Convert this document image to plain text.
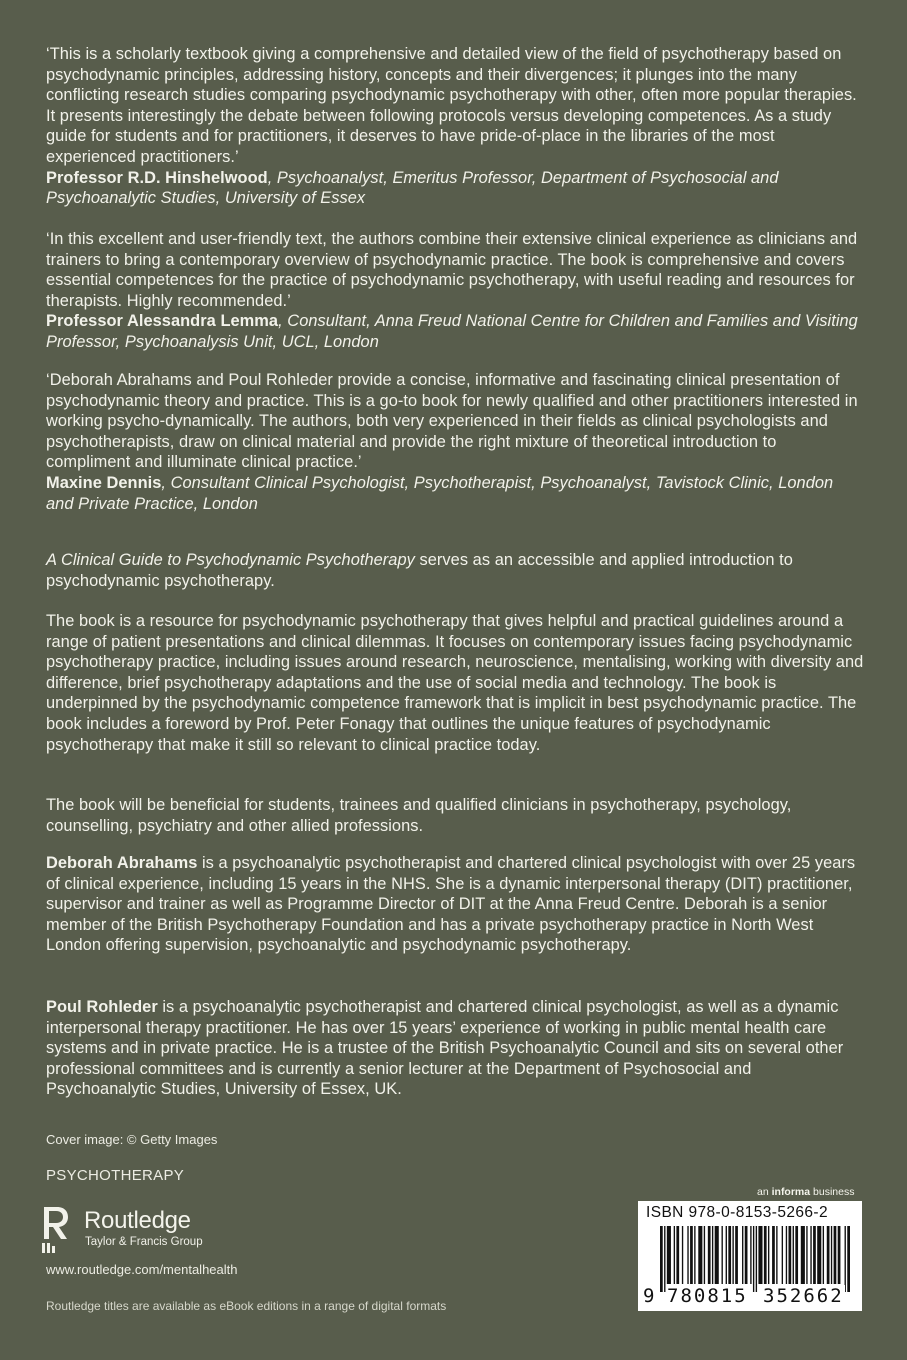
‘This is a scholarly textbook giving a comprehensive and detailed view of the field of psychotherapy based on psychodynamic principles, addressing history, concepts and their divergences; it plunges into the many conflicting research studies comparing psychodynamic psychotherapy with other, often more popular therapies. It presents interestingly the debate between following protocols versus developing competences. As a study guide for students and for practitioners, it deserves to have pride-of-place in the libraries of the most experienced practitioners.’

Professor R.D. Hinshelwood, Psychoanalyst, Emeritus Professor, Department of Psychosocial and Psychoanalytic Studies, University of Essex

‘In this excellent and user-friendly text, the authors combine their extensive clinical experience as clinicians and trainers to bring a contemporary overview of psychodynamic practice. The book is comprehensive and covers essential competences for the practice of psychodynamic psychotherapy, with useful reading and resources for therapists. Highly recommended.’

Professor Alessandra Lemma, Consultant, Anna Freud National Centre for Children and Families and Visiting Professor, Psychoanalysis Unit, UCL, London

‘Deborah Abrahams and Poul Rohleder provide a concise, informative and fascinating clinical presentation of psychodynamic theory and practice. This is a go-to book for newly qualified and other practitioners interested in working psycho-dynamically. The authors, both very experienced in their fields as clinical psychologists and psychotherapists, draw on clinical material and provide the right mixture of theoretical introduction to compliment and illuminate clinical practice.’

Maxine Dennis, Consultant Clinical Psychologist, Psychotherapist, Psychoanalyst, Tavistock Clinic, London and Private Practice, London

A Clinical Guide to Psychodynamic Psychotherapy serves as an accessible and applied introduction to psychodynamic psychotherapy.

The book is a resource for psychodynamic psychotherapy that gives helpful and practical guidelines around a range of patient presentations and clinical dilemmas. It focuses on contemporary issues facing psychodynamic psychotherapy practice, including issues around research, neuroscience, mentalising, working with diversity and difference, brief psychotherapy adaptations and the use of social media and technology. The book is underpinned by the psychodynamic competence framework that is implicit in best psychodynamic practice. The book includes a foreword by Prof. Peter Fonagy that outlines the unique features of psychodynamic psychotherapy that make it still so relevant to clinical practice today.

The book will be beneficial for students, trainees and qualified clinicians in psychotherapy, psychology, counselling, psychiatry and other allied professions.

Deborah Abrahams is a psychoanalytic psychotherapist and chartered clinical psychologist with over 25 years of clinical experience, including 15 years in the NHS. She is a dynamic interpersonal therapy (DIT) practitioner, supervisor and trainer as well as Programme Director of DIT at the Anna Freud Centre. Deborah is a senior member of the British Psychotherapy Foundation and has a private psychotherapy practice in North West London offering supervision, psychoanalytic and psychodynamic psychotherapy.

Poul Rohleder is a psychoanalytic psychotherapist and chartered clinical psychologist, as well as a dynamic interpersonal therapy practitioner. He has over 15 years’ experience of working in public mental health care systems and in private practice. He is a trustee of the British Psychoanalytic Council and sits on several other professional committees and is currently a senior lecturer at the Department of Psychosocial and Psychoanalytic Studies, University of Essex, UK.

Cover image: © Getty Images
PSYCHOTHERAPY
Routledge
Taylor & Francis Group
www.routledge.com/mentalhealth
Routledge titles are available as eBook editions in a range of digital formats
an informa business
ISBN 978-0-8153-5266-2
9 780815 352662
